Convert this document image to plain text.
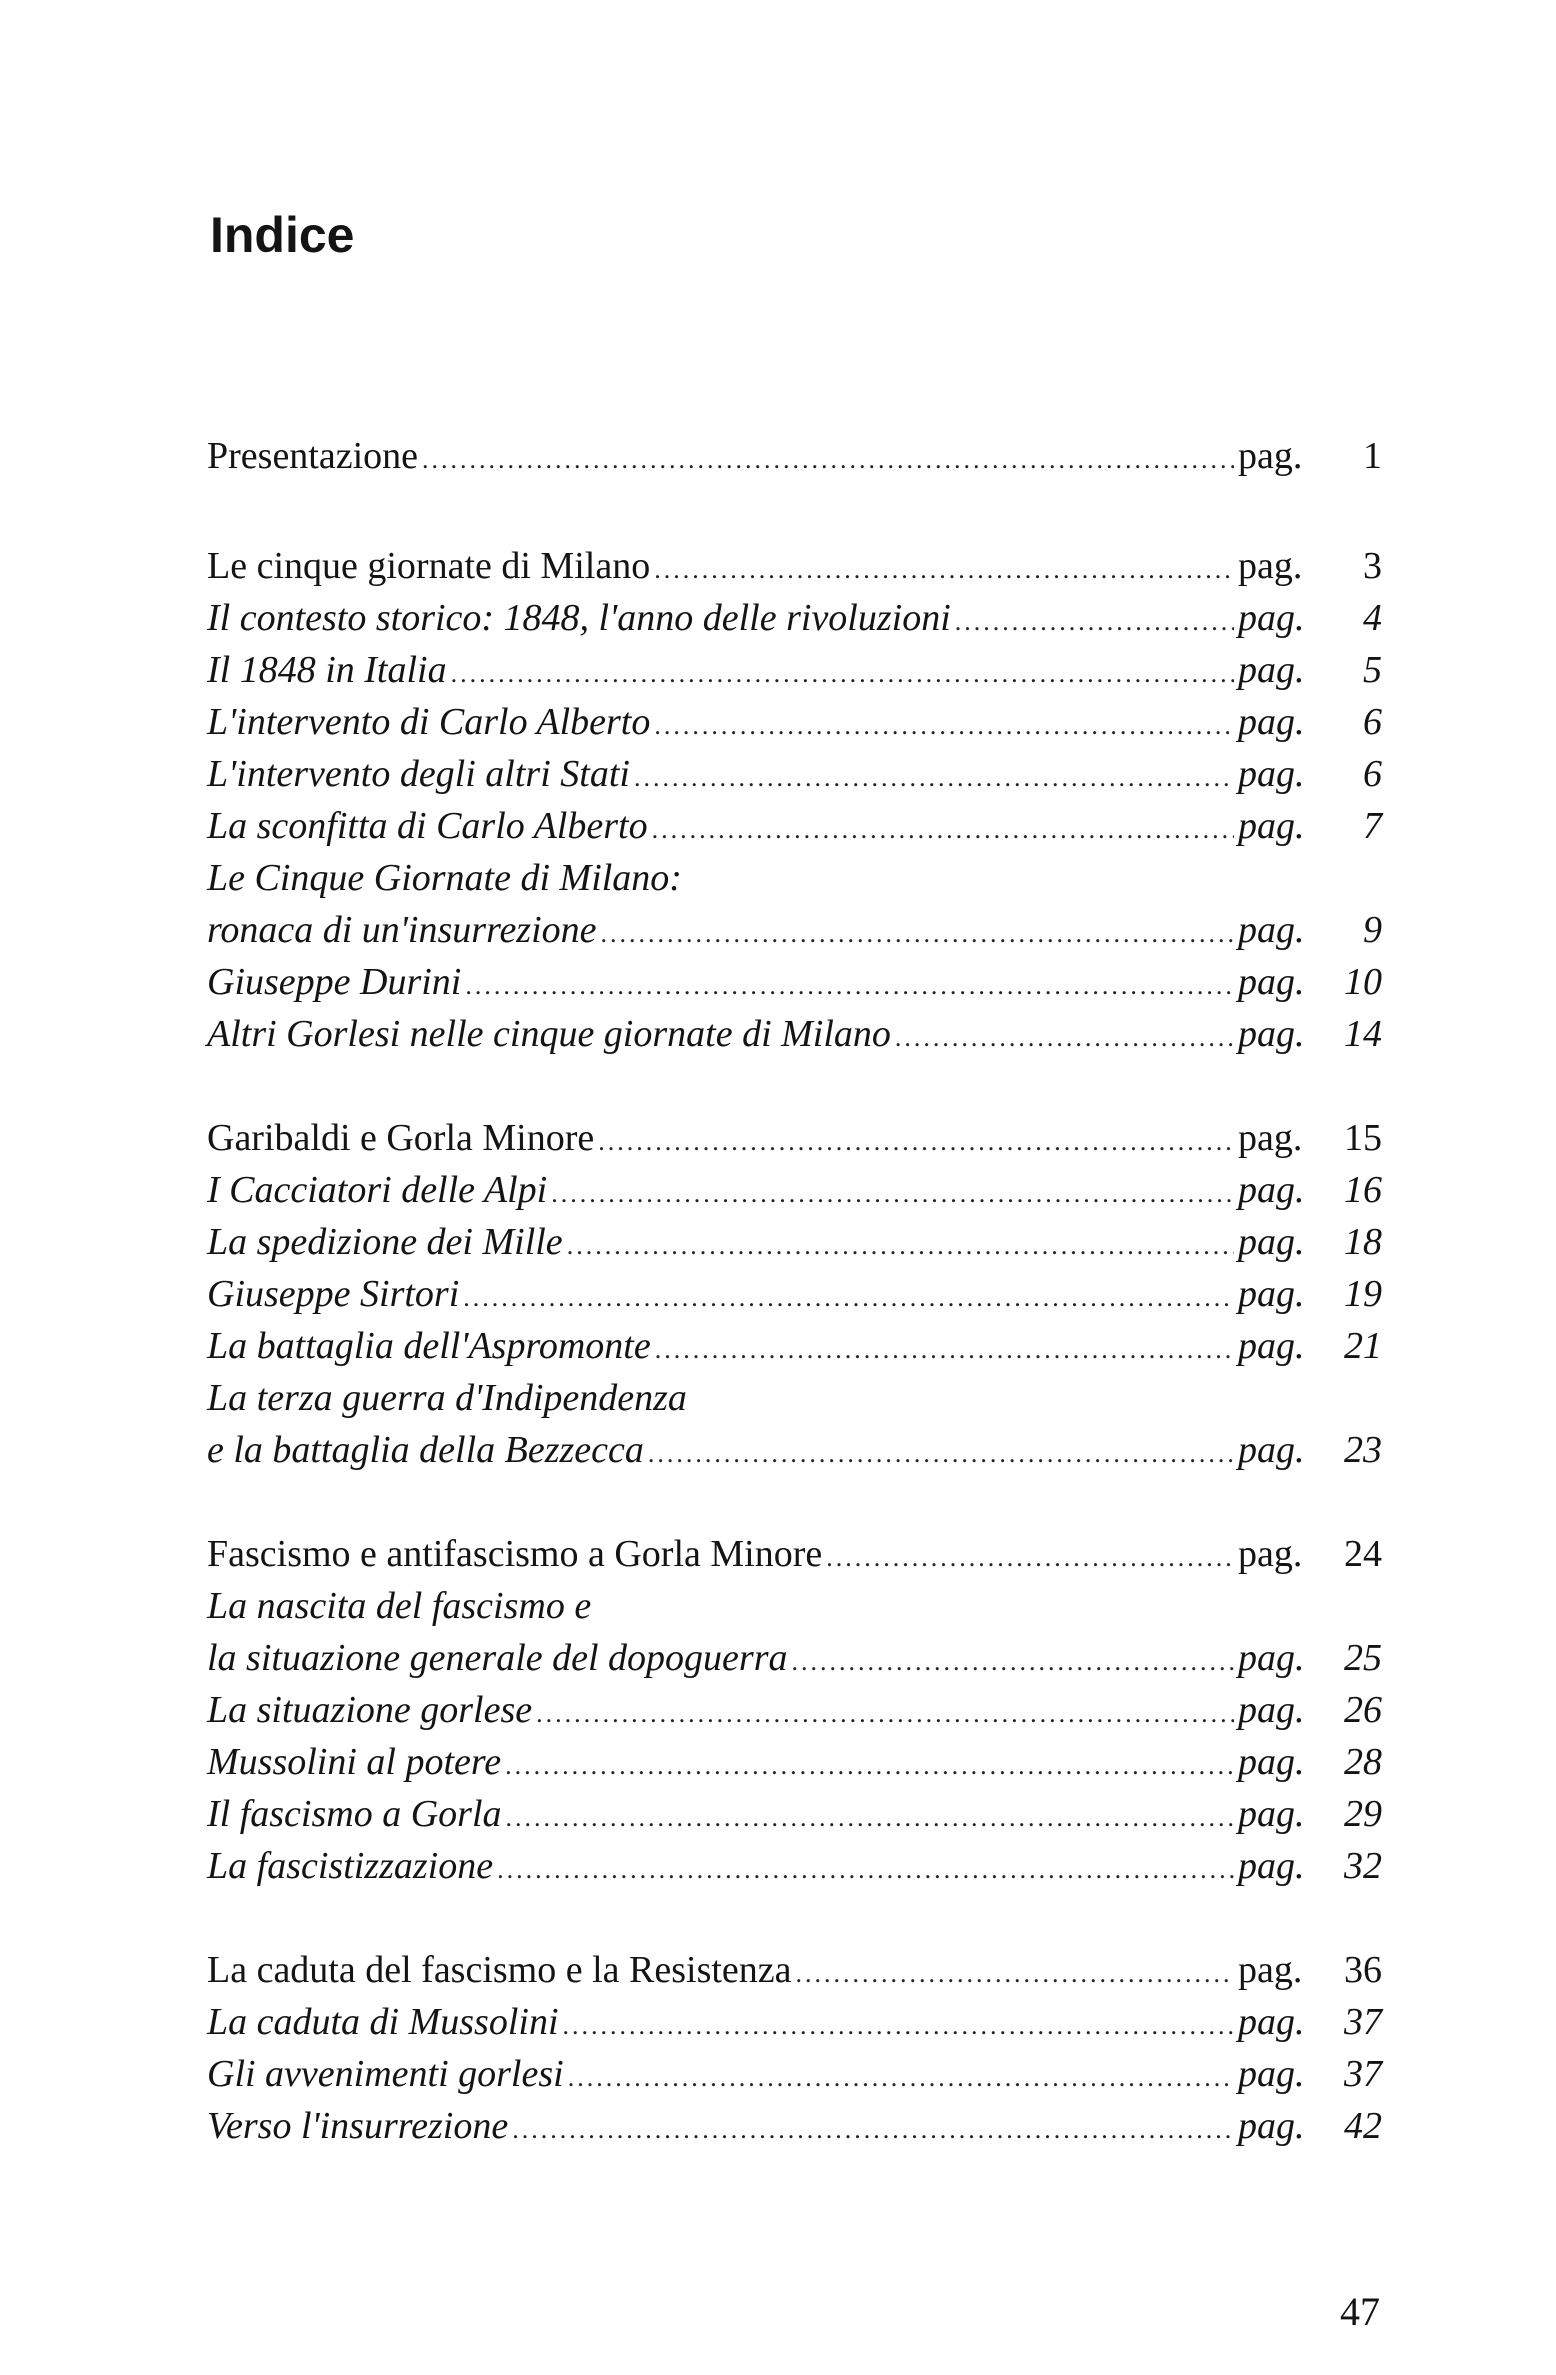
Indice
Presentazione .....	pag.	1
Le cinque giornate di Milano .....	pag.	3
Il contesto storico: 1848, l'anno delle rivoluzioni .....	pag.	4
Il 1848 in Italia .....	pag.	5
L'intervento di Carlo Alberto .....	pag.	6
L'intervento degli altri Stati .....	pag.	6
La sconfitta di Carlo Alberto .....	pag.	7
Le Cinque Giornate di Milano:
ronaca di un'insurrezione .....	pag.	9
Giuseppe Durini .....	pag.	10
Altri Gorlesi nelle cinque giornate di Milano .....	pag.	14
Garibaldi e Gorla Minore .....	pag.	15
I Cacciatori delle Alpi .....	pag.	16
La spedizione dei Mille .....	pag.	18
Giuseppe Sirtori .....	pag.	19
La battaglia dell'Aspromonte .....	pag.	21
La terza guerra d'Indipendenza
e la battaglia della Bezzecca .....	pag.	23
Fascismo e antifascismo a Gorla Minore .....	pag.	24
La nascita del fascismo e
la situazione generale del dopoguerra .....	pag.	25
La situazione gorlese .....	pag.	26
Mussolini al potere .....	pag.	28
Il fascismo a Gorla .....	pag.	29
La fascistizzazione .....	pag.	32
La caduta del fascismo e la Resistenza .....	pag.	36
La caduta di Mussolini .....	pag.	37
Gli avvenimenti gorlesi .....	pag.	37
Verso l'insurrezione .....	pag.	42
47
